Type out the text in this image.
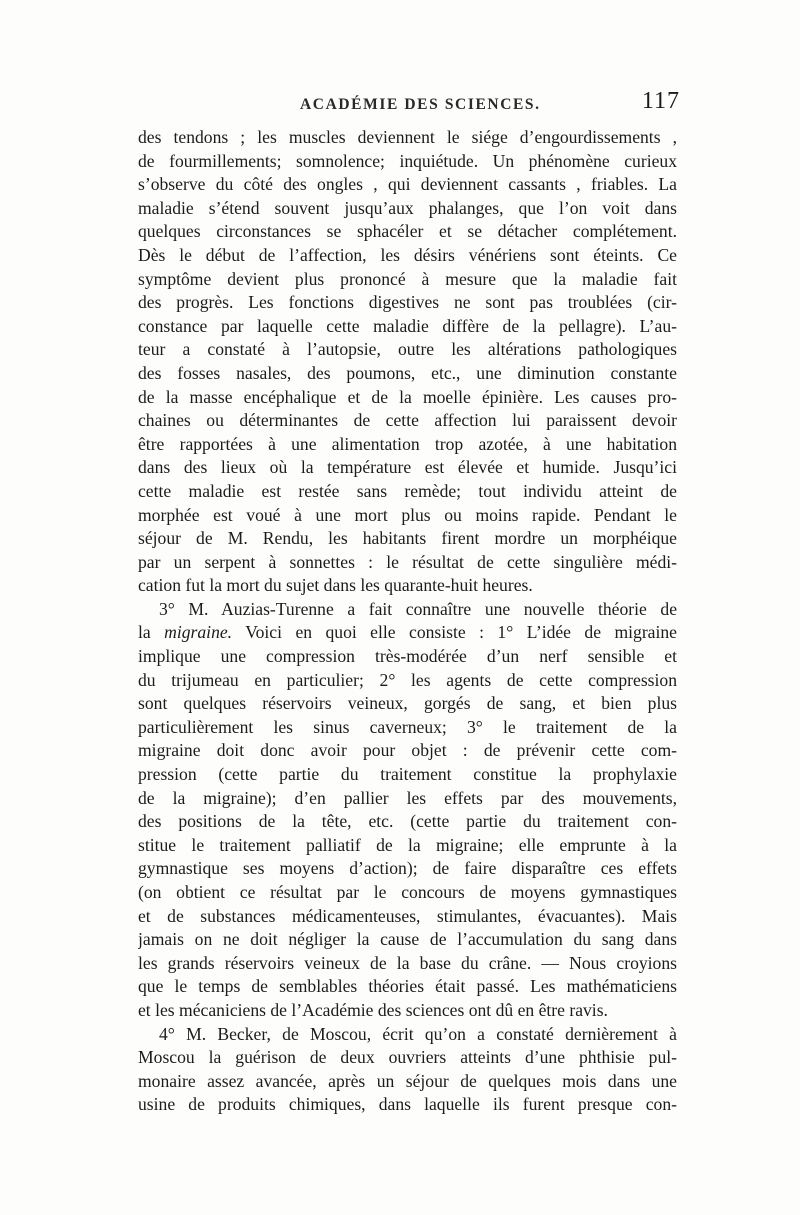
ACADÉMIE DES SCIENCES.	117
des tendons ; les muscles deviennent le siége d’engourdissements ,
de fourmillements; somnolence; inquiétude. Un phénomène curieux
s’observe du côté des ongles , qui deviennent cassants , friables. La
maladie s’étend souvent jusqu’aux phalanges, que l’on voit dans
quelques circonstances se sphacéler et se détacher complétement.
Dès le début de l’affection, les désirs vénériens sont éteints. Ce
symptôme devient plus prononcé à mesure que la maladie fait
des progrès. Les fonctions digestives ne sont pas troublées (cir-
constance par laquelle cette maladie diffère de la pellagre). L’au-
teur a constaté à l’autopsie, outre les altérations pathologiques
des fosses nasales, des poumons, etc., une diminution constante
de la masse encéphalique et de la moelle épinière. Les causes pro-
chaines ou déterminantes de cette affection lui paraissent devoir
être rapportées à une alimentation trop azotée, à une habitation
dans des lieux où la température est élevée et humide. Jusqu’ici
cette maladie est restée sans remède; tout individu atteint de
morphée est voué à une mort plus ou moins rapide. Pendant le
séjour de M. Rendu, les habitants firent mordre un morphéique
par un serpent à sonnettes : le résultat de cette singulière médi-
cation fut la mort du sujet dans les quarante-huit heures.
3° M. Auzias-Turenne a fait connaître une nouvelle théorie de
la migraine. Voici en quoi elle consiste : 1° L’idée de migraine
implique une compression très-modérée d’un nerf sensible et
du trijumeau en particulier; 2° les agents de cette compression
sont quelques réservoirs veineux, gorgés de sang, et bien plus
particulièrement les sinus caverneux; 3° le traitement de la
migraine doit donc avoir pour objet : de prévenir cette com-
pression (cette partie du traitement constitue la prophylaxie
de la migraine); d’en pallier les effets par des mouvements,
des positions de la tête, etc. (cette partie du traitement con-
stitue le traitement palliatif de la migraine; elle emprunte à la
gymnastique ses moyens d’action); de faire disparaître ces effets
(on obtient ce résultat par le concours de moyens gymnastiques
et de substances médicamenteuses, stimulantes, évacuantes). Mais
jamais on ne doit négliger la cause de l’accumulation du sang dans
les grands réservoirs veineux de la base du crâne. — Nous croyions
que le temps de semblables théories était passé. Les mathématiciens
et les mécaniciens de l’Académie des sciences ont dû en être ravis.
4° M. Becker, de Moscou, écrit qu’on a constaté dernièrement à
Moscou la guérison de deux ouvriers atteints d’une phthisie pul-
monaire assez avancée, après un séjour de quelques mois dans une
usine de produits chimiques, dans laquelle ils furent presque con-
